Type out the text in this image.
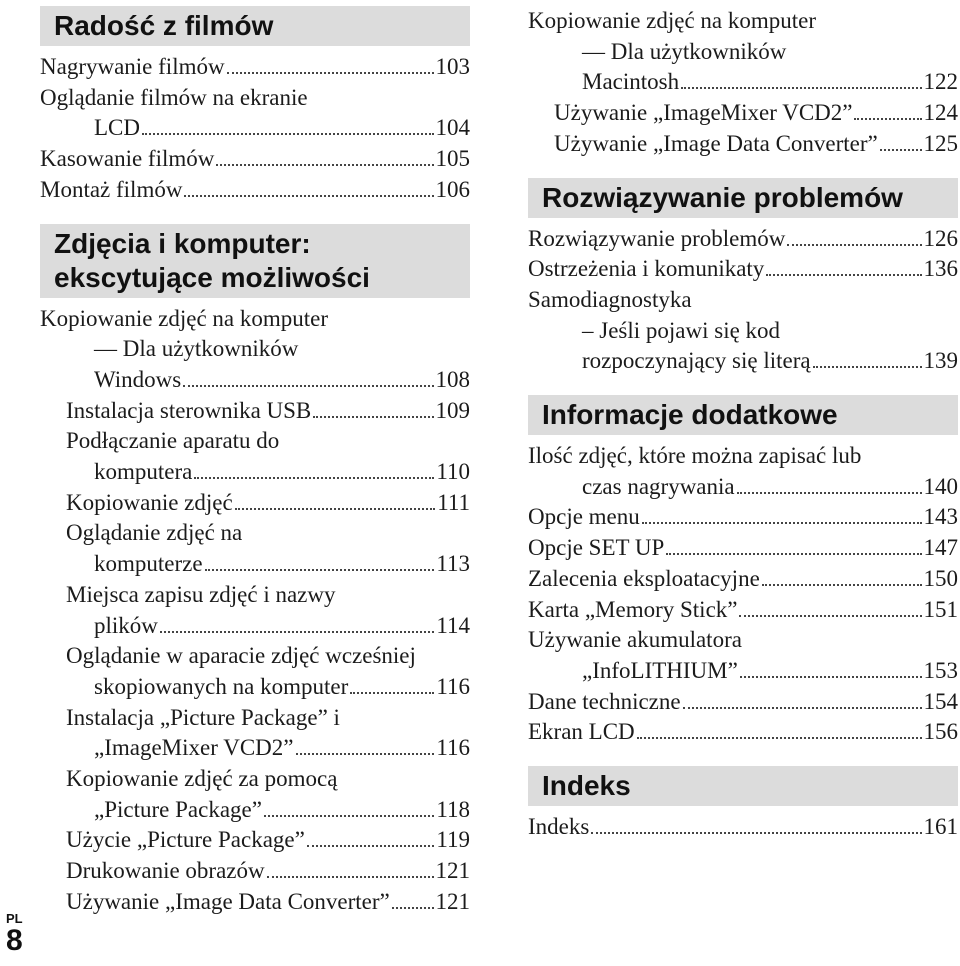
Radość z filmów
Nagrywanie filmów	103
Oglądanie filmów na ekranie
LCD	104
Kasowanie filmów	105
Montaż filmów	106
Zdjęcia i komputer:
ekscytujące możliwości
Kopiowanie zdjęć na komputer
— Dla użytkowników
Windows	108
Instalacja sterownika USB	109
Podłączanie aparatu do
komputera	110
Kopiowanie zdjęć	111
Oglądanie zdjęć na
komputerze	113
Miejsca zapisu zdjęć i nazwy
plików	114
Oglądanie w aparacie zdjęć wcześniej
skopiowanych na komputer	116
Instalacja „Picture Package” i
„ImageMixer VCD2”	116
Kopiowanie zdjęć za pomocą
„Picture Package”	118
Użycie „Picture Package”	119
Drukowanie obrazów	121
Używanie „Image Data Converter” 121
Kopiowanie zdjęć na komputer
— Dla użytkowników
Macintosh	122
Używanie „ImageMixer VCD2”	124
Używanie „Image Data Converter” 125
Rozwiązywanie problemów
Rozwiązywanie problemów	126
Ostrzeżenia i komunikaty	136
Samodiagnostyka
– Jeśli pojawi się kod
rozpoczynający się literą	139
Informacje dodatkowe
Ilość zdjęć, które można zapisać lub
czas nagrywania	140
Opcje menu	143
Opcje SET UP	147
Zalecenia eksploatacyjne	150
Karta „Memory Stick”	151
Używanie akumulatora
„InfoLITHIUM”	153
Dane techniczne	154
Ekran LCD	156
Indeks
Indeks	161
PL
8
